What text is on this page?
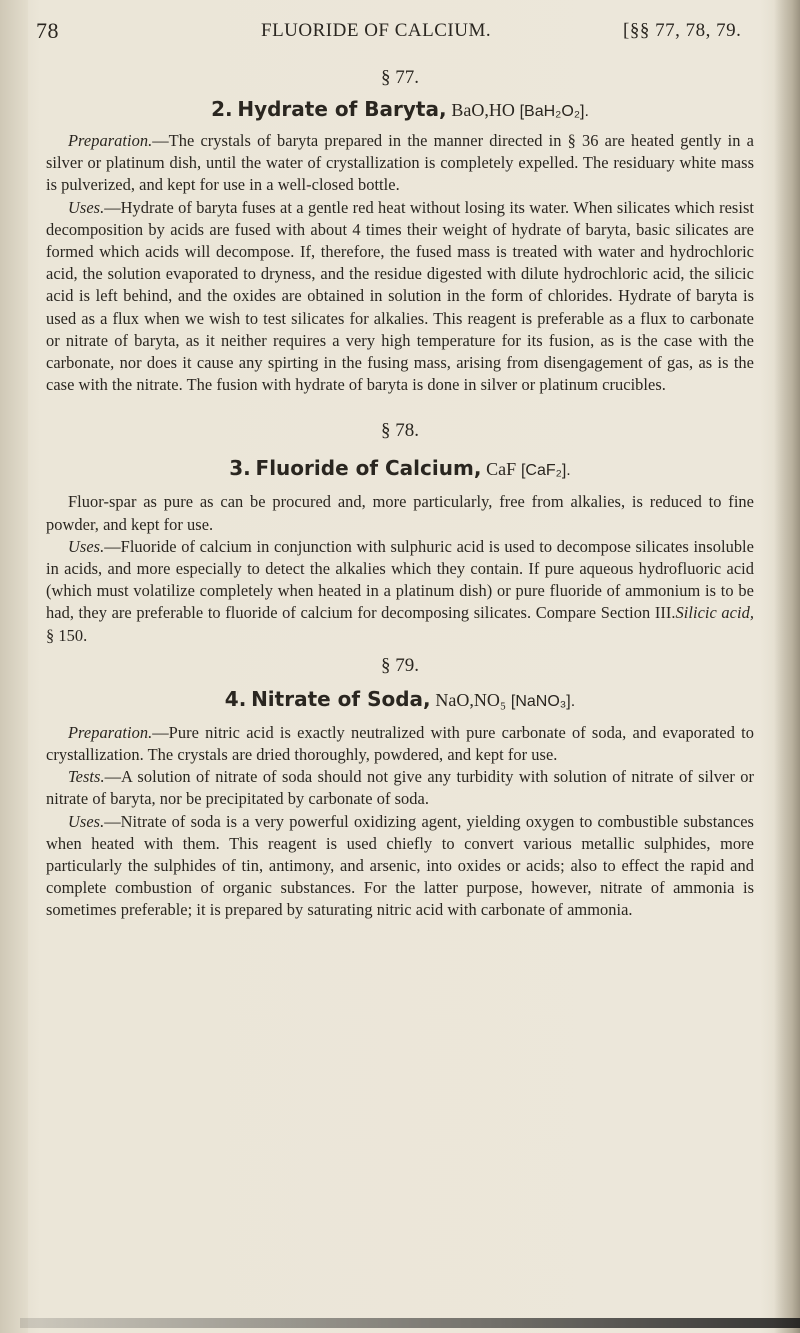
78	FLUORIDE OF CALCIUM.	[§§ 77, 78, 79.
§ 77.
2. Hydrate of Baryta, BaO,HO [BaH₂O₂].

Preparation.—The crystals of baryta prepared in the manner directed in § 36 are heated gently in a silver or platinum dish, until the water of crystallization is completely expelled. The residuary white mass is pulverized, and kept for use in a well-closed bottle.

Uses.—Hydrate of baryta fuses at a gentle red heat without losing its water. When silicates which resist decomposition by acids are fused with about 4 times their weight of hydrate of baryta, basic silicates are formed which acids will decompose. If, therefore, the fused mass is treated with water and hydrochloric acid, the solution evaporated to dryness, and the residue digested with dilute hydrochloric acid, the silicic acid is left behind, and the oxides are obtained in solution in the form of chlorides. Hydrate of baryta is used as a flux when we wish to test silicates for alkalies. This reagent is preferable as a flux to carbonate or nitrate of baryta, as it neither requires a very high temperature for its fusion, as is the case with the carbonate, nor does it cause any spirting in the fusing mass, arising from disengagement of gas, as is the case with the nitrate. The fusion with hydrate of baryta is done in silver or platinum crucibles.

§ 78.
3. Fluoride of Calcium, CaF [CaF₂].

Fluor-spar as pure as can be procured and, more particularly, free from alkalies, is reduced to fine powder, and kept for use.

Uses.—Fluoride of calcium in conjunction with sulphuric acid is used to decompose silicates insoluble in acids, and more especially to detect the alkalies which they contain. If pure aqueous hydrofluoric acid (which must volatilize completely when heated in a platinum dish) or pure fluoride of ammonium is to be had, they are preferable to fluoride of calcium for decomposing silicates. Compare Section III.Silicic acid, § 150.

§ 79.
4. Nitrate of Soda, NaO,NO₅ [NaNO₃].

Preparation.—Pure nitric acid is exactly neutralized with pure carbonate of soda, and evaporated to crystallization. The crystals are dried thoroughly, powdered, and kept for use.

Tests.—A solution of nitrate of soda should not give any turbidity with solution of nitrate of silver or nitrate of baryta, nor be precipitated by carbonate of soda.

Uses.—Nitrate of soda is a very powerful oxidizing agent, yielding oxygen to combustible substances when heated with them. This reagent is used chiefly to convert various metallic sulphides, more particularly the sulphides of tin, antimony, and arsenic, into oxides or acids; also to effect the rapid and complete combustion of organic substances. For the latter purpose, however, nitrate of ammonia is sometimes preferable; it is prepared by saturating nitric acid with carbonate of ammonia.
